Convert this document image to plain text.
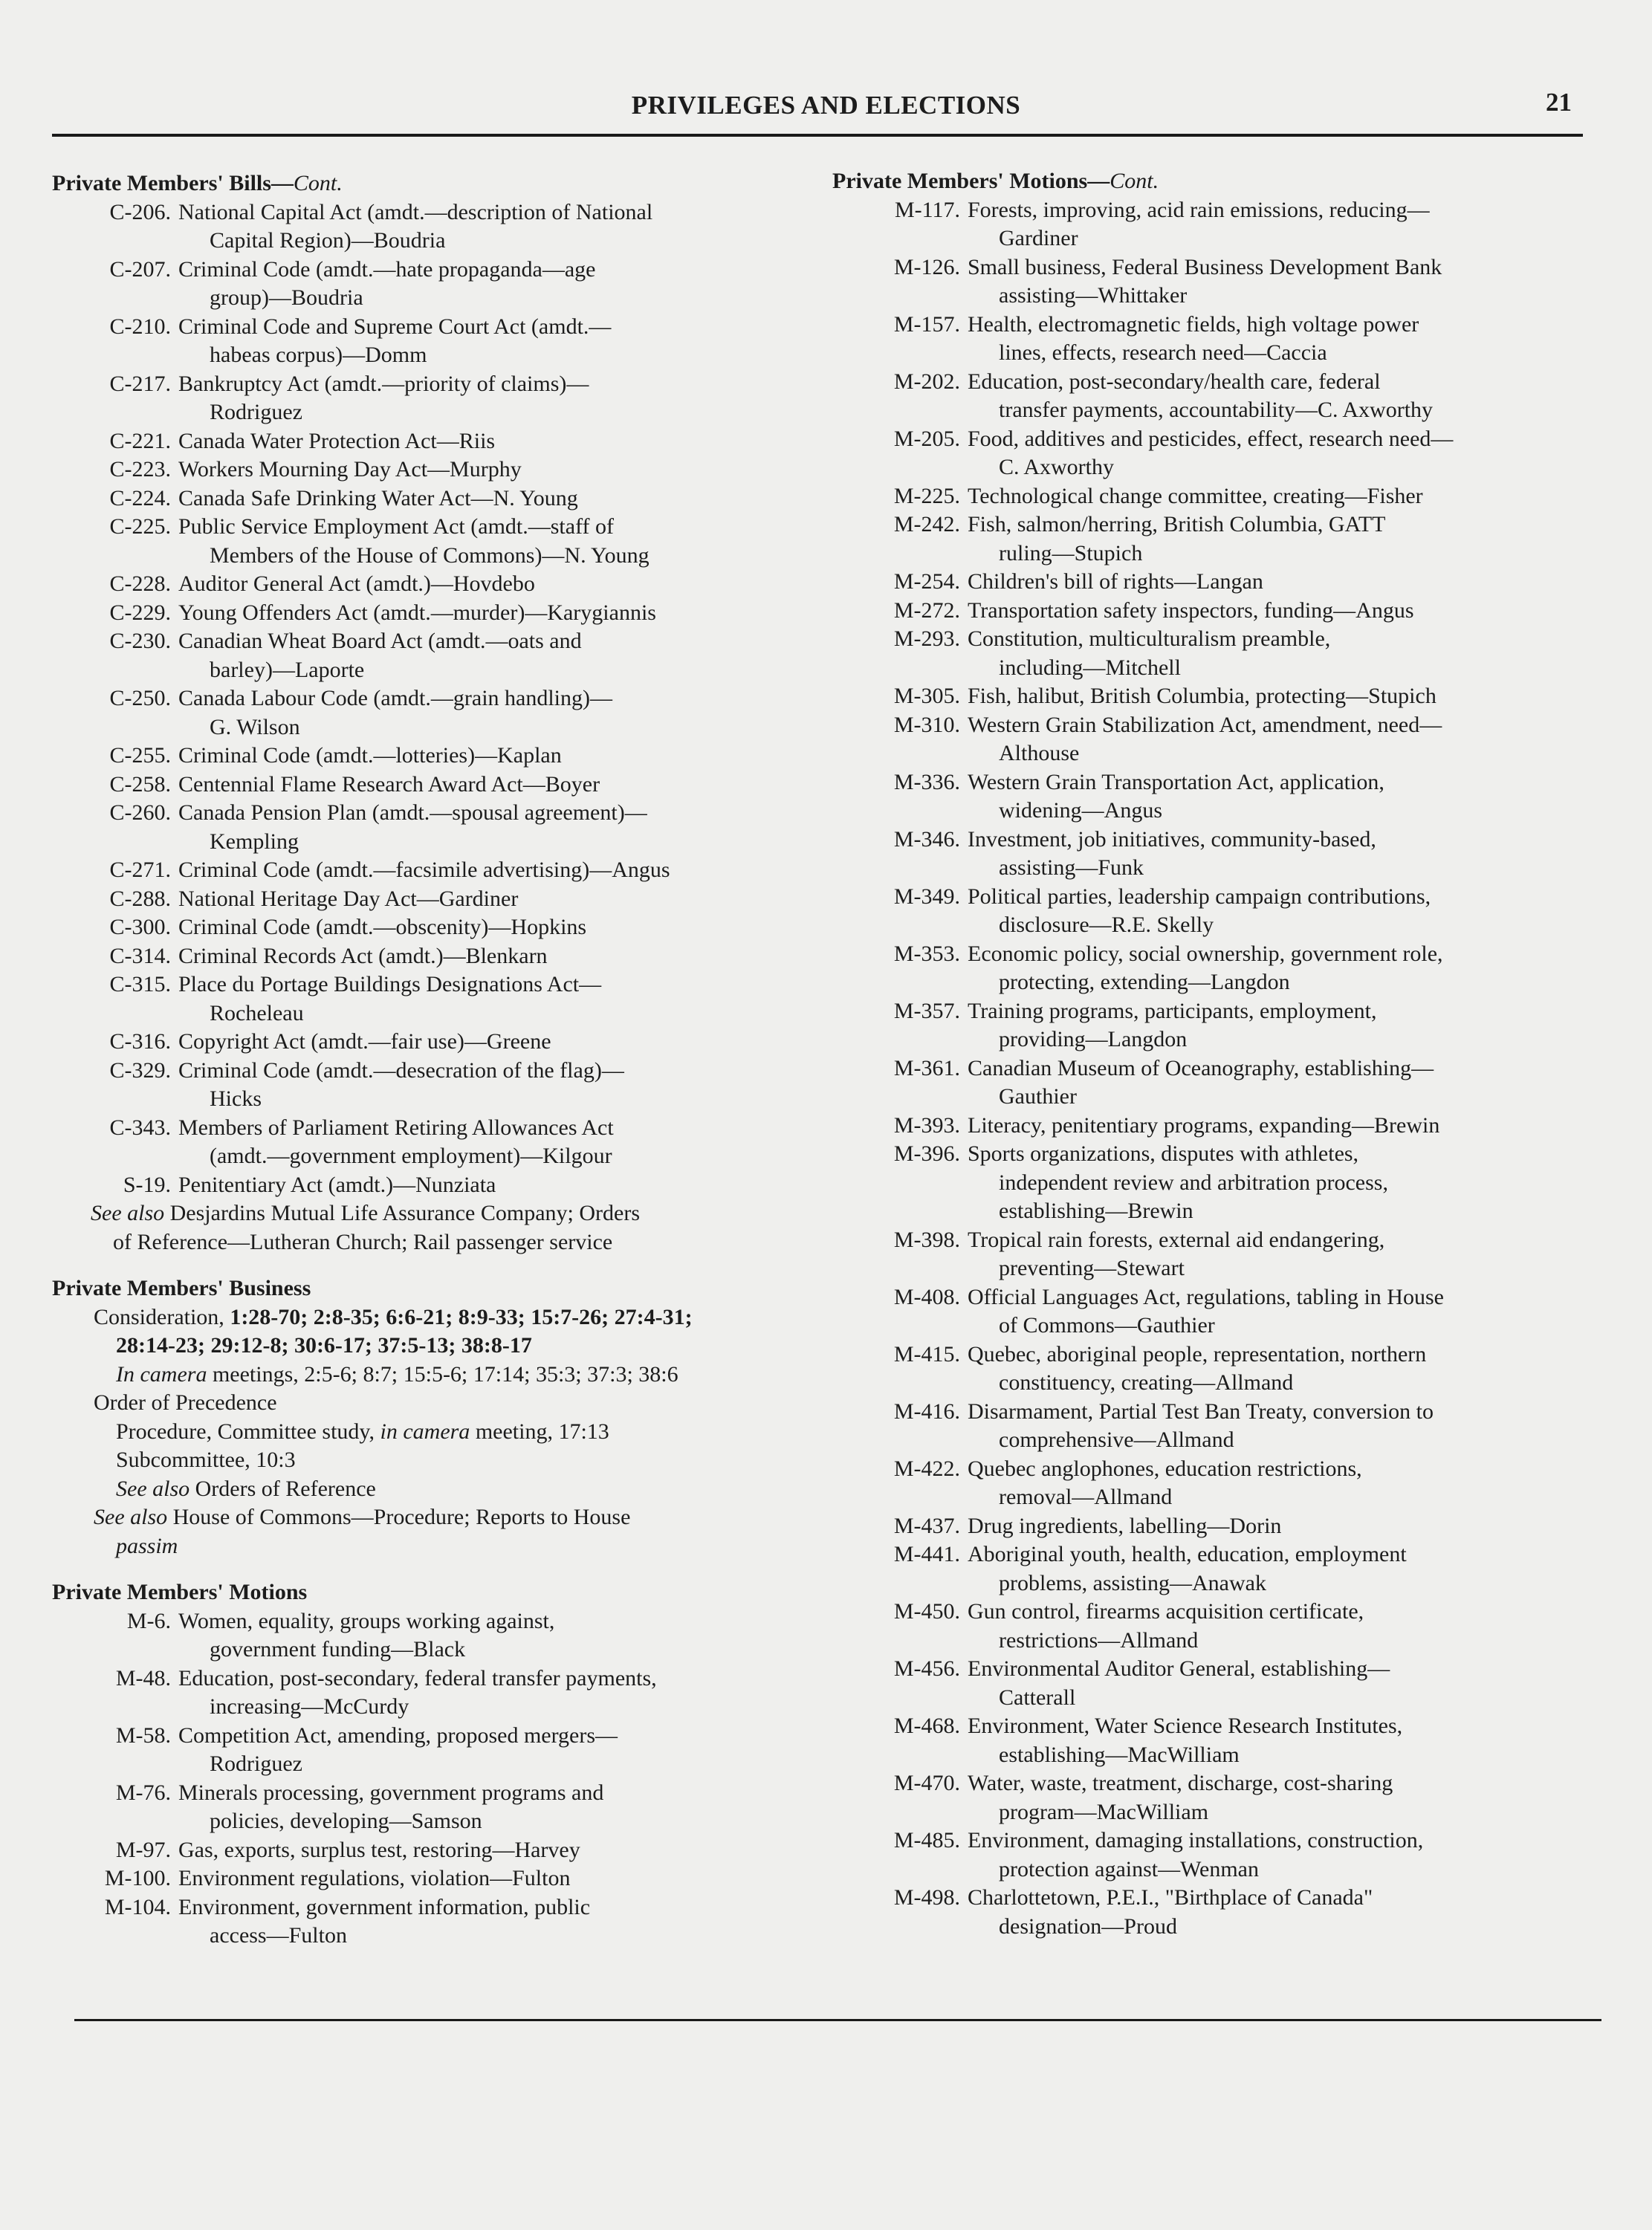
PRIVILEGES AND ELECTIONS	21
Private Members' Bills—Cont.
C-206. National Capital Act (amdt.—description of National
Capital Region)—Boudria
C-207. Criminal Code (amdt.—hate propaganda—age
group)—Boudria
C-210. Criminal Code and Supreme Court Act (amdt.—
habeas corpus)—Domm
C-217. Bankruptcy Act (amdt.—priority of claims)—
Rodriguez
C-221. Canada Water Protection Act—Riis
C-223. Workers Mourning Day Act—Murphy
C-224. Canada Safe Drinking Water Act—N. Young
C-225. Public Service Employment Act (amdt.—staff of
Members of the House of Commons)—N. Young
C-228. Auditor General Act (amdt.)—Hovdebo
C-229. Young Offenders Act (amdt.—murder)—Karygiannis
C-230. Canadian Wheat Board Act (amdt.—oats and
barley)—Laporte
C-250. Canada Labour Code (amdt.—grain handling)—
G. Wilson
C-255. Criminal Code (amdt.—lotteries)—Kaplan
C-258. Centennial Flame Research Award Act—Boyer
C-260. Canada Pension Plan (amdt.—spousal agreement)—
Kempling
C-271. Criminal Code (amdt.—facsimile advertising)—Angus
C-288. National Heritage Day Act—Gardiner
C-300. Criminal Code (amdt.—obscenity)—Hopkins
C-314. Criminal Records Act (amdt.)—Blenkarn
C-315. Place du Portage Buildings Designations Act—
Rocheleau
C-316. Copyright Act (amdt.—fair use)—Greene
C-329. Criminal Code (amdt.—desecration of the flag)—
Hicks
C-343. Members of Parliament Retiring Allowances Act
(amdt.—government employment)—Kilgour
S-19. Penitentiary Act (amdt.)—Nunziata
See also Desjardins Mutual Life Assurance Company; Orders
of Reference—Lutheran Church; Rail passenger service
Private Members' Business
Consideration, 1:28-70; 2:8-35; 6:6-21; 8:9-33; 15:7-26; 27:4-31;
28:14-23; 29:12-8; 30:6-17; 37:5-13; 38:8-17
In camera meetings, 2:5-6; 8:7; 15:5-6; 17:14; 35:3; 37:3; 38:6
Order of Precedence
Procedure, Committee study, in camera meeting, 17:13
Subcommittee, 10:3
See also Orders of Reference
See also House of Commons—Procedure; Reports to House
passim
Private Members' Motions
M-6. Women, equality, groups working against,
government funding—Black
M-48. Education, post-secondary, federal transfer payments,
increasing—McCurdy
M-58. Competition Act, amending, proposed mergers—
Rodriguez
M-76. Minerals processing, government programs and
policies, developing—Samson
M-97. Gas, exports, surplus test, restoring—Harvey
M-100. Environment regulations, violation—Fulton
M-104. Environment, government information, public
access—Fulton
Private Members' Motions—Cont.
M-117. Forests, improving, acid rain emissions, reducing—
Gardiner
M-126. Small business, Federal Business Development Bank
assisting—Whittaker
M-157. Health, electromagnetic fields, high voltage power
lines, effects, research need—Caccia
M-202. Education, post-secondary/health care, federal
transfer payments, accountability—C. Axworthy
M-205. Food, additives and pesticides, effect, research need—
C. Axworthy
M-225. Technological change committee, creating—Fisher
M-242. Fish, salmon/herring, British Columbia, GATT
ruling—Stupich
M-254. Children's bill of rights—Langan
M-272. Transportation safety inspectors, funding—Angus
M-293. Constitution, multiculturalism preamble,
including—Mitchell
M-305. Fish, halibut, British Columbia, protecting—Stupich
M-310. Western Grain Stabilization Act, amendment, need—
Althouse
M-336. Western Grain Transportation Act, application,
widening—Angus
M-346. Investment, job initiatives, community-based,
assisting—Funk
M-349. Political parties, leadership campaign contributions,
disclosure—R.E. Skelly
M-353. Economic policy, social ownership, government role,
protecting, extending—Langdon
M-357. Training programs, participants, employment,
providing—Langdon
M-361. Canadian Museum of Oceanography, establishing—
Gauthier
M-393. Literacy, penitentiary programs, expanding—Brewin
M-396. Sports organizations, disputes with athletes,
independent review and arbitration process,
establishing—Brewin
M-398. Tropical rain forests, external aid endangering,
preventing—Stewart
M-408. Official Languages Act, regulations, tabling in House
of Commons—Gauthier
M-415. Quebec, aboriginal people, representation, northern
constituency, creating—Allmand
M-416. Disarmament, Partial Test Ban Treaty, conversion to
comprehensive—Allmand
M-422. Quebec anglophones, education restrictions,
removal—Allmand
M-437. Drug ingredients, labelling—Dorin
M-441. Aboriginal youth, health, education, employment
problems, assisting—Anawak
M-450. Gun control, firearms acquisition certificate,
restrictions—Allmand
M-456. Environmental Auditor General, establishing—
Catterall
M-468. Environment, Water Science Research Institutes,
establishing—MacWilliam
M-470. Water, waste, treatment, discharge, cost-sharing
program—MacWilliam
M-485. Environment, damaging installations, construction,
protection against—Wenman
M-498. Charlottetown, P.E.I., "Birthplace of Canada"
designation—Proud
